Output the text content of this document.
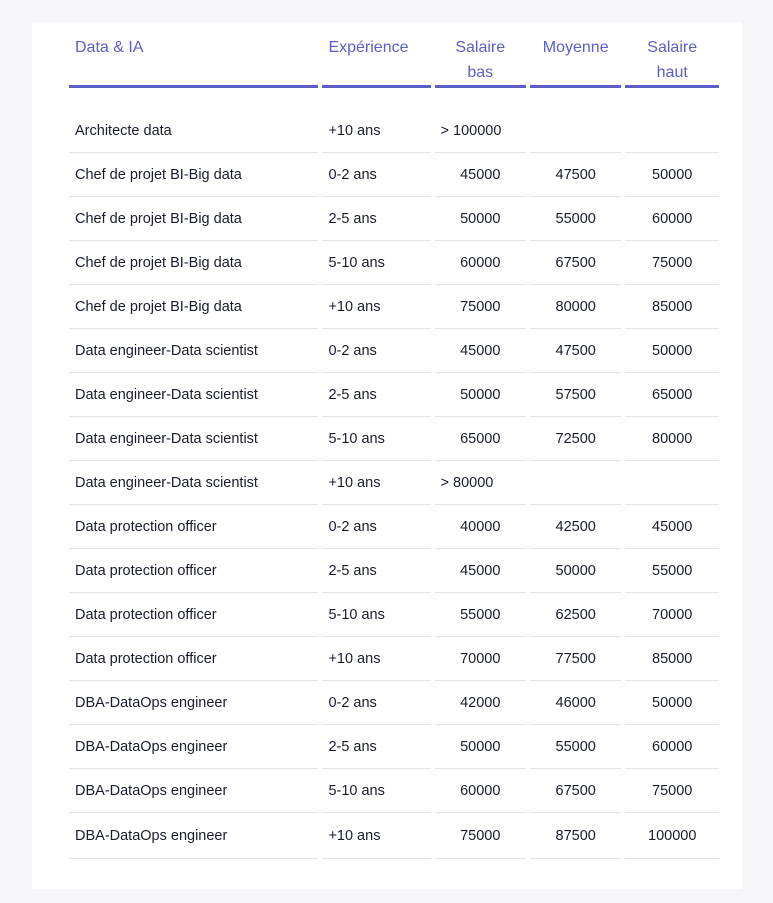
Data & IA	Expérience	Salaire bas	Moyenne	Salaire haut

Architecte data	+10 ans	> 100000		
Chef de projet BI-Big data	0-2 ans	45000	47500	50000
Chef de projet BI-Big data	2-5 ans	50000	55000	60000
Chef de projet BI-Big data	5-10 ans	60000	67500	75000
Chef de projet BI-Big data	+10 ans	75000	80000	85000
Data engineer-Data scientist	0-2 ans	45000	47500	50000
Data engineer-Data scientist	2-5 ans	50000	57500	65000
Data engineer-Data scientist	5-10 ans	65000	72500	80000
Data engineer-Data scientist	+10 ans	> 80000		
Data protection officer	0-2 ans	40000	42500	45000
Data protection officer	2-5 ans	45000	50000	55000
Data protection officer	5-10 ans	55000	62500	70000
Data protection officer	+10 ans	70000	77500	85000
DBA-DataOps engineer	0-2 ans	42000	46000	50000
DBA-DataOps engineer	2-5 ans	50000	55000	60000
DBA-DataOps engineer	5-10 ans	60000	67500	75000
DBA-DataOps engineer	+10 ans	75000	87500	100000
